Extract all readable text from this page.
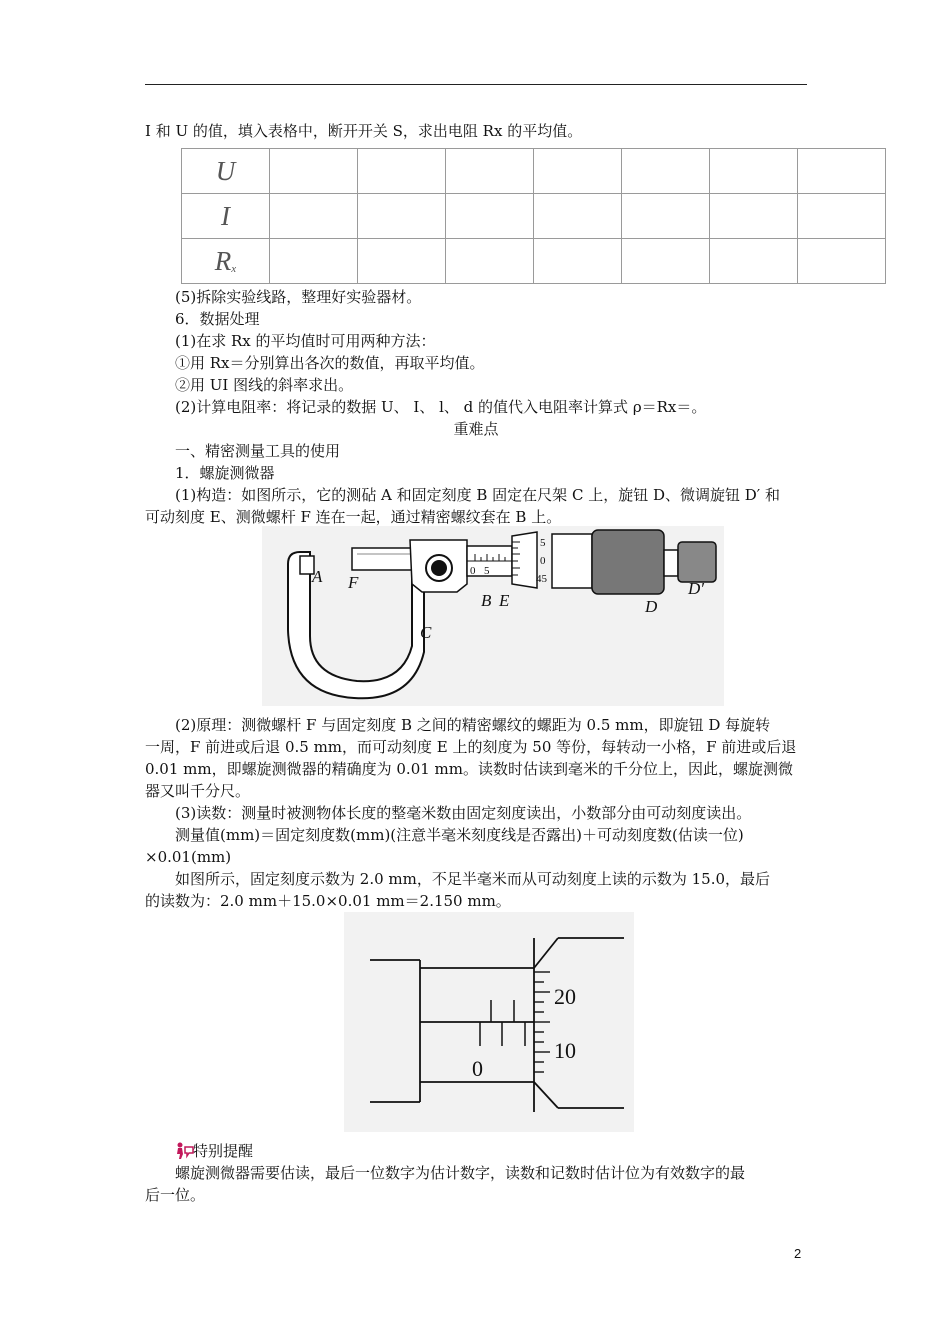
I 和 U 的值，填入表格中，断开开关 S，求出电阻 Rx 的平均值。
U							
I							
$R_x$							
(5)拆除实验线路，整理好实验器材。
6．数据处理
(1)在求 Rx 的平均值时可用两种方法：
①用 Rx＝分别算出各次的数值，再取平均值。
②用 UI 图线的斜率求出。
(2)计算电阻率：将记录的数据 U、 I、 l、 d 的值代入电阻率计算式 ρ＝Rx＝。
重难点
一、精密测量工具的使用
1．螺旋测微器
(1)构造：如图所示，它的测砧 A 和固定刻度 B 固定在尺架 C 上，旋钮 D、微调旋钮 D′ 和
可动刻度 E、测微螺杆 F 连在一起，通过精密螺纹套在 B 上。
0 5
5
0
45
A F
B E
C
D
D′
(2)原理：测微螺杆 F 与固定刻度 B 之间的精密螺纹的螺距为 0.5 mm，即旋钮 D 每旋转
一周，F 前进或后退 0.5 mm，而可动刻度 E 上的刻度为 50 等份，每转动一小格，F 前进或后退
0.01 mm，即螺旋测微器的精确度为 0.01 mm。读数时估读到毫米的千分位上，因此，螺旋测微
器又叫千分尺。
(3)读数：测量时被测物体长度的整毫米数由固定刻度读出，小数部分由可动刻度读出。
测量值(mm)＝固定刻度数(mm)(注意半毫米刻度线是否露出)＋可动刻度数(估读一位)
×0.01(mm)
如图所示，固定刻度示数为 2.0 mm，不足半毫米而从可动刻度上读的示数为 15.0，最后
的读数为：2.0 mm＋15.0×0.01 mm＝2.150 mm。
20
10
0
特别提醒
螺旋测微器需要估读，最后一位数字为估计数字，读数和记数时估计位为有效数字的最
后一位。
2
